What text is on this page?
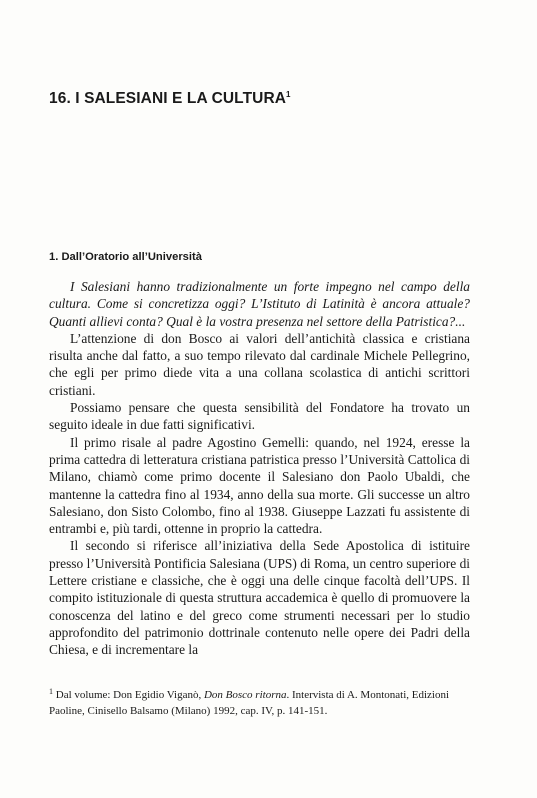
16. I SALESIANI E LA CULTURA$^1$
1. Dall’Oratorio all’Università

I Salesiani hanno tradizionalmente un forte impegno nel campo della cultura. Come si concretizza oggi? L’Istituto di Latinità è ancora attuale? Quanti allievi conta? Qual è la vostra presenza nel settore della Patristica?...

L’attenzione di don Bosco ai valori dell’antichità classica e cristiana risulta anche dal fatto, a suo tempo rilevato dal cardinale Michele Pellegrino, che egli per primo diede vita a una collana scolastica di antichi scrittori cristiani.

Possiamo pensare che questa sensibilità del Fondatore ha trovato un seguito ideale in due fatti significativi.

Il primo risale al padre Agostino Gemelli: quando, nel 1924, eresse la prima cattedra di letteratura cristiana patristica presso l’Università Cattolica di Milano, chiamò come primo docente il Salesiano don Paolo Ubaldi, che mantenne la cattedra fino al 1934, anno della sua morte. Gli successe un altro Salesiano, don Sisto Colombo, fino al 1938. Giuseppe Lazzati fu assistente di entrambi e, più tardi, ottenne in proprio la cattedra.

Il secondo si riferisce all’iniziativa della Sede Apostolica di istituire presso l’Università Pontificia Salesiana (UPS) di Roma, un centro superiore di Lettere cristiane e classiche, che è oggi una delle cinque facoltà dell’UPS. Il compito istituzionale di questa struttura accademica è quello di promuovere la conoscenza del latino e del greco come strumenti necessari per lo studio approfondito del patrimonio dottrinale contenuto nelle opere dei Padri della Chiesa, e di incrementare la

$^1$ Dal volume: Don Egidio Viganò, Don Bosco ritorna. Intervista di A. Montonati, Edizioni Paoline, Cinisello Balsamo (Milano) 1992, cap. IV, p. 141-151.
